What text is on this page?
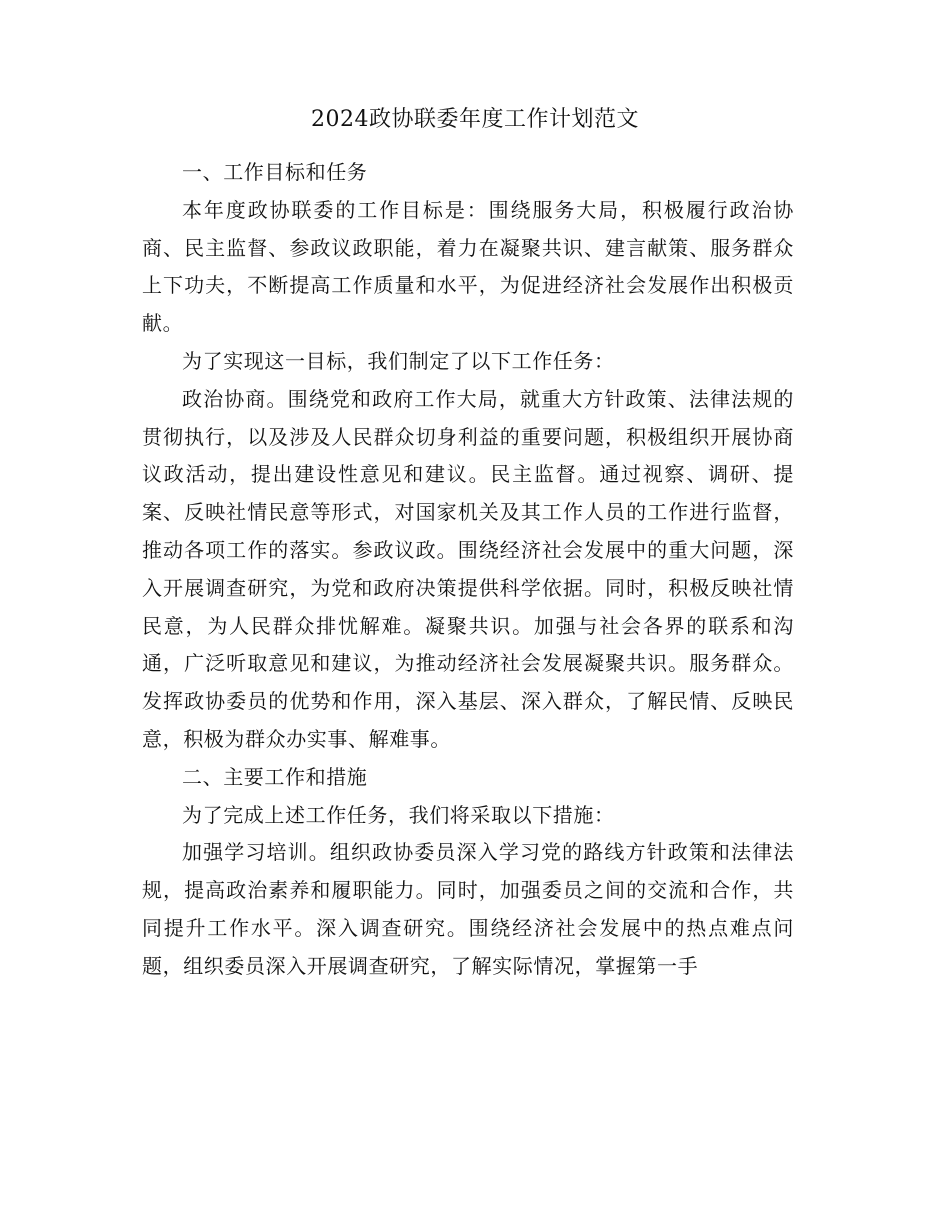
2024政协联委年度工作计划范文

一、工作目标和任务

本年度政协联委的工作目标是：围绕服务大局，积极履行政治协商、民主监督、参政议政职能，着力在凝聚共识、建言献策、服务群众上下功夫，不断提高工作质量和水平，为促进经济社会发展作出积极贡献。

为了实现这一目标，我们制定了以下工作任务：

政治协商。围绕党和政府工作大局，就重大方针政策、法律法规的贯彻执行，以及涉及人民群众切身利益的重要问题，积极组织开展协商议政活动，提出建设性意见和建议。民主监督。通过视察、调研、提案、反映社情民意等形式，对国家机关及其工作人员的工作进行监督，推动各项工作的落实。参政议政。围绕经济社会发展中的重大问题，深入开展调查研究，为党和政府决策提供科学依据。同时，积极反映社情民意，为人民群众排忧解难。凝聚共识。加强与社会各界的联系和沟通，广泛听取意见和建议，为推动经济社会发展凝聚共识。服务群众。发挥政协委员的优势和作用，深入基层、深入群众，了解民情、反映民意，积极为群众办实事、解难事。

二、主要工作和措施

为了完成上述工作任务，我们将采取以下措施：

加强学习培训。组织政协委员深入学习党的路线方针政策和法律法规，提高政治素养和履职能力。同时，加强委员之间的交流和合作，共同提升工作水平。深入调查研究。围绕经济社会发展中的热点难点问题，组织委员深入开展调查研究，了解实际情况，掌握第一手
